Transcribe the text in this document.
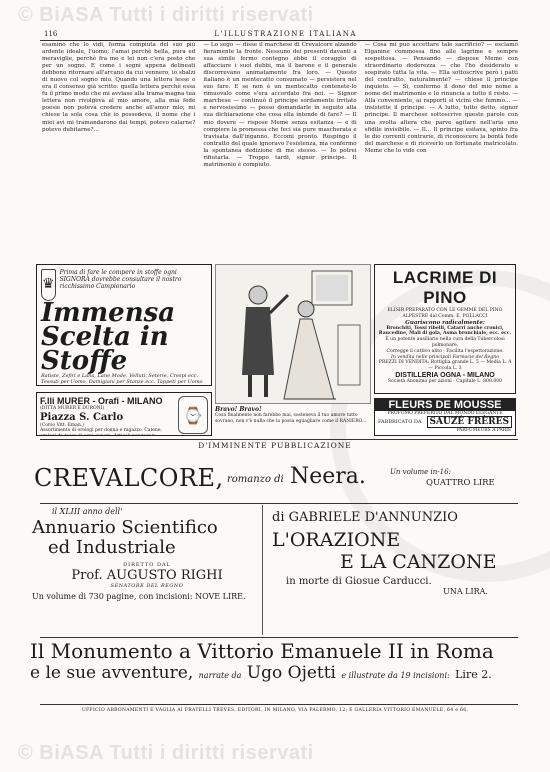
© BiASA Tutti i diritti riservati
116	L'ILLUSTRAZIONE ITALIANA

esaminò che lo vidi, forma compiuta del suo più ardente ideale, l'uomo; l'amai perchè bella, pura ed meraviglie, perchè fra me e lei non c'era posto che per un sogno. E come i sogni appena delineati debbono ritornare all'arcano da cui vennero, io sbalzi di nuovo col sogno mio. Quando una lettera lesse o era il consenso già scritto: quella lettera perchè essa fu il primo modo che mi avviase alla trama magna tua lettera non rivolgeva al mio amore, alla mia fede poesie non poteva credere anche all'amor mio; mi chiese la sola cosa che io possedeva, il nome che i miei avi mi tramandarono dai tempi, potevo calarne? potevo dubitarne?...

— Lo sego — disse il marchese di Crevalcore alzando fieramente la fronte. Nessuno dei presenti davanti a sua simile fermo contegno ebbe il coraggio di affacciare i suoi dubbi, ma il barone e il generale discorrevano animatamente fra loro. — Questo italiano è un mentecatto consumato — persistera nel suo fare. E se non è un mentecatto contenete-lo rimuovalo come s'era accordato fra noi. — Signor marchese — continuò il principe sordamente irritato e nervosissimo — posso domandarle in seguito alla sua dichiarazione che cosa ella intende di fare? — Il mio dovere — rispose Meme senza esitanza — e di compiere la promessa che feci sia pure mascherata e travisata dall'inganno. Eccomi pronto. Respingo il contratto del quale ignoravo l'esistenza, ma confermo la spontanea dedizione di me stesso. — Io potrei rifiutarla. — Troppo tardi, signor principe. Il matrimonio è compiuto.

— Cosa mi può accettare tale sacrificio? — esclamò Elganine commossa fino alle lagrime e sempre sospettosa. — Pensando — dispose Meme con straordinario doderezza — che l'ho desiderato e sospirato tutta la vita. — Ella sottoscrive però i patti del contratto, naturalmente? — chiese il principe inquieto. — Sì, confermo il dono del mio nome a nome del matrimonio e lo rinuncia a tutto il resto. — Alla conveniente, ai rapporti si vicini che fummo... — insistette il principe. — A lutto, tutto detto, signor principe. Il marchese sottoscrive queste parole con una svolta altera che parve agitare nell'aria uno sfidile invisibile. — Il... Il principe esitava, spinto fra le dio correnti contrarie, di riconoscere la bontà fede del marchese e di riceverlo un fortunate matricolato. Meme che lo vide con

♛
Prima di fare le compere in stoffe ogni SIGNORA dovrebbe consultare il nostro ricchissimo Campionario
Immensa Scelta in Stoffe
Batiste, Zefiri e Lana, Lane Mode, Velluti, Seterie, Crespi ecc. Tessuti per Uomo, Damigiani per Stanze ecc. Tappeti per Uomo
F.lli MURER - Orafi - MILANO
(DITTA MURER E DURONI)
Piazza S. Carlo
(Corso Vitt. Eman.)
Assortimento di orologi per donna e ragazzo. Catene, orologi da tasca di ogni genere. Articoli per regalo.
⌚	Bravo! Bravo!
Cosa finalmente non farebbe mai, sosteneva il tuo amore tutto sovrano, non v'è nulla che la possa eguagliare come il RANIERO...
LACRIME DI PINO
ELISIR PREPARATO CON LE GEMME DEL PINO ALPESTRE dal Comm. E. POLLACCI
Guariscono radicalmente:
Bronchiti, Tossi ribelli, Catarri anche cronici, Raucedine, Mali di gola, Asma bronchiale, ecc. ecc.
È un potente ausiliario nella cura della Tubercolosi polmonare.
Corregge il cattivo alito · Facilita l'espettorazione.
In vendita nelle principali Farmacie del Regno
PREZZI DI VENDITA: Bottiglia grande L. 5 — Media L. 4 — Piccola L. 3
DISTILLERIA OGNA - MILANO
Società Anonima per azioni - Capitale L. 800.000
FLEURS DE MOUSSE
PROFUMO PREFERITO DAL MONDO ELEGANTE
FABBRICATO DA SAUZÉ FRÈRES
PARFUMEURS A PARIS
D'IMMINENTE PUBBLICAZIONE
CREVALCORE, romanzo di Neera.	Un volume in-16:
QUATTRO LIRE
il XLIII anno dell'
Annuario Scientifico
ed Industriale
DIRETTO DAL
Prof. AUGUSTO RIGHI
SENATORE DEL REGNO
Un volume di 730 pagine, con incisioni: NOVE LIRE.
di GABRIELE D'ANNUNZIO
L'ORAZIONE
E LA CANZONE
in morte di Giosue Carducci.
UNA LIRA.
Il Monumento a Vittorio Emanuele II in Roma
e le sue avventure, narrate da Ugo Ojetti e illustrate da 19 incisioni: Lire 2.
UFFICIO ABBONAMENTI E VAGLIA AI FRATELLI TREVES, EDITORI, IN MILANO, VIA PALERMO, 12; E GALLERIA VITTORIO EMANUELE, 64 e 66.
© BiASA Tutti i diritti riservati
